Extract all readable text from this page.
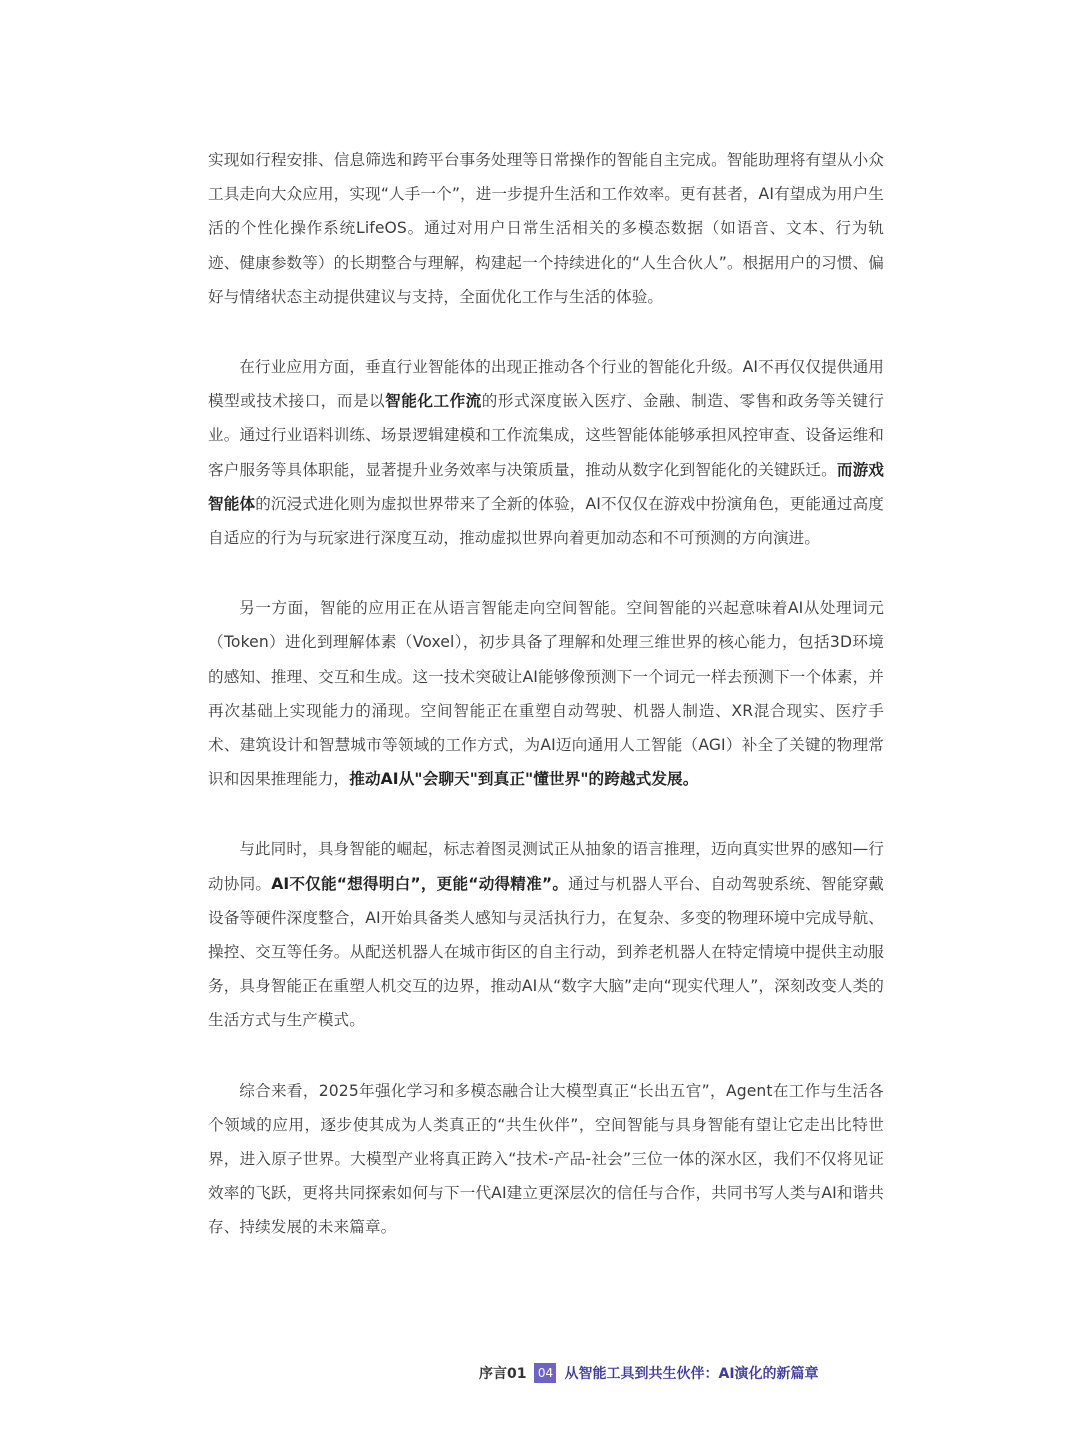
实现如行程安排、信息筛选和跨平台事务处理等日常操作的智能自主完成。智能助理将有望从小众工具走向大众应用，实现“人手一个”，进一步提升生活和工作效率。更有甚者，AI有望成为用户生活的个性化操作系统LifeOS。通过对用户日常生活相关的多模态数据（如语音、文本、行为轨迹、健康参数等）的长期整合与理解，构建起一个持续进化的“人生合伙人”。根据用户的习惯、偏好与情绪状态主动提供建议与支持，全面优化工作与生活的体验。

在行业应用方面，垂直行业智能体的出现正推动各个行业的智能化升级。AI不再仅仅提供通用模型或技术接口，而是以智能化工作流的形式深度嵌入医疗、金融、制造、零售和政务等关键行业。通过行业语料训练、场景逻辑建模和工作流集成，这些智能体能够承担风控审查、设备运维和客户服务等具体职能，显著提升业务效率与决策质量，推动从数字化到智能化的关键跃迁。而游戏智能体的沉浸式进化则为虚拟世界带来了全新的体验，AI不仅仅在游戏中扮演角色，更能通过高度自适应的行为与玩家进行深度互动，推动虚拟世界向着更加动态和不可预测的方向演进。

另一方面，智能的应用正在从语言智能走向空间智能。空间智能的兴起意味着AI从处理词元（Token）进化到理解体素（Voxel），初步具备了理解和处理三维世界的核心能力，包括3D环境的感知、推理、交互和生成。这一技术突破让AI能够像预测下一个词元一样去预测下一个体素，并再次基础上实现能力的涌现。空间智能正在重塑自动驾驶、机器人制造、XR混合现实、医疗手术、建筑设计和智慧城市等领域的工作方式，为AI迈向通用人工智能（AGI）补全了关键的物理常识和因果推理能力，推动AI从"会聊天"到真正"懂世界"的跨越式发展。

与此同时，具身智能的崛起，标志着图灵测试正从抽象的语言推理，迈向真实世界的感知—行动协同。AI不仅能“想得明白”，更能“动得精准”。通过与机器人平台、自动驾驶系统、智能穿戴设备等硬件深度整合，AI开始具备类人感知与灵活执行力，在复杂、多变的物理环境中完成导航、操控、交互等任务。从配送机器人在城市街区的自主行动，到养老机器人在特定情境中提供主动服务，具身智能正在重塑人机交互的边界，推动AI从“数字大脑”走向“现实代理人”，深刻改变人类的生活方式与生产模式。

综合来看，2025年强化学习和多模态融合让大模型真正“长出五官”，Agent在工作与生活各个领域的应用，逐步使其成为人类真正的“共生伙伴”，空间智能与具身智能有望让它走出比特世界，进入原子世界。大模型产业将真正跨入“技术-产品-社会”三位一体的深水区，我们不仅将见证效率的飞跃，更将共同探索如何与下一代AI建立更深层次的信任与合作，共同书写人类与AI和谐共存、持续发展的未来篇章。

序言01 04 从智能工具到共生伙伴：AI演化的新篇章
